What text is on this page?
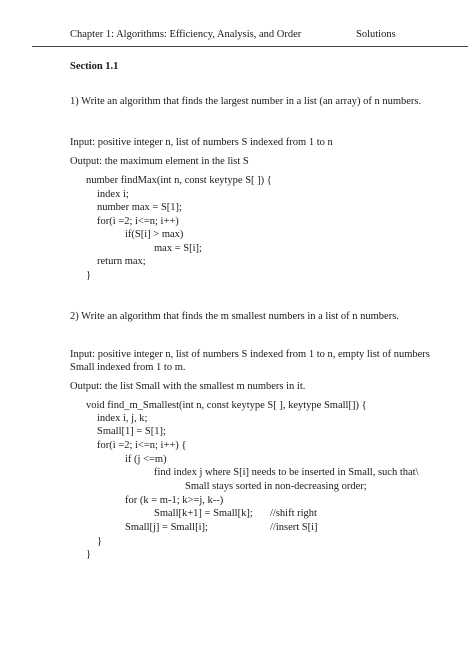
Chapter 1: Algorithms: Efficiency, Analysis, and Order	Solutions
Section 1.1
1) Write an algorithm that finds the largest number in a list (an array) of n numbers.
Input: positive integer n, list of numbers S indexed from 1 to n
Output: the maximum element in the list S
number findMax(int n, const keytype S[ ]) {
index i;
number max = S[1];
for(i =2; i<=n; i++)
if(S[i] > max)
max = S[i];
return max;
}
2) Write an algorithm that finds the m smallest numbers in a list of n numbers.
Input: positive integer n, list of numbers S indexed from 1 to n, empty list of numbers
Small indexed from 1 to m.
Output: the list Small with the smallest m numbers in it.
void find_m_Smallest(int n, const keytype S[ ], keytype Small[]) {
index i, j, k;
Small[1] = S[1];
for(i =2; i<=n; i++) {
if (j <=m)
find index j where S[i] needs to be inserted in Small, such that\
Small stays sorted in non-decreasing order;
for (k = m-1; k>=j, k--)
Small[k+1] = Small[k]; //shift right
Small[j] = Small[i];	//insert S[i]
}
}
